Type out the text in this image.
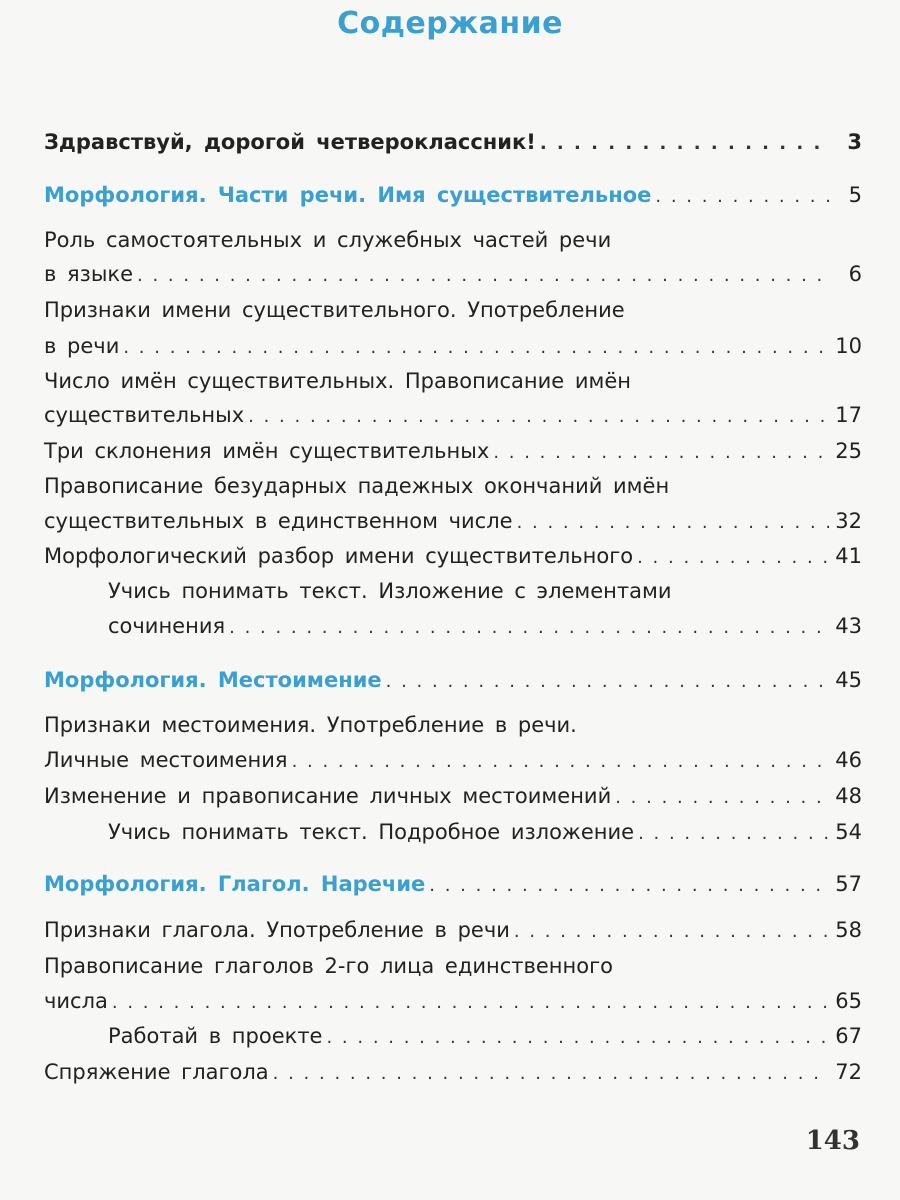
Содержание
Здравствуй, дорогой четвероклассник! . . .	3
Морфология. Части речи. Имя существительное . . .	5
Роль самостоятельных и служебных частей речи
в языке . . .	6
Признаки имени существительного. Употребление
в речи . . .	10
Число имён существительных. Правописание имён
существительных . . .	17
Три склонения имён существительных . . .	25
Правописание безударных падежных окончаний имён
существительных в единственном числе . . .	32
Морфологический разбор имени существительного . . .	41
Учись понимать текст. Изложение с элементами
сочинения . . .	43
Морфология. Местоимение . . .	45
Признаки местоимения. Употребление в речи.
Личные местоимения . . .	46
Изменение и правописание личных местоимений . . .	48
Учись понимать текст. Подробное изложение . . .	54
Морфология. Глагол. Наречие . . .	57
Признаки глагола. Употребление в речи . . .	58
Правописание глаголов 2-го лица единственного
числа . . .	65
Работай в проекте . . .	67
Спряжение глагола . . .	72
143
